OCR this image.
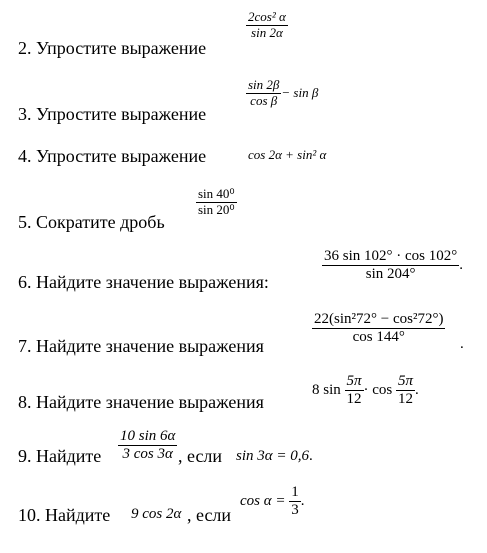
2. Упростите выражение
$\frac{\text{2cos² α}}{\sin 2\alpha}$
3. Упростите выражение
$\frac{\sin 2\beta}{\text{cos β}} - \sin \beta$
4. Упростите выражение	cos 2α + sin² α
5. Сократите дробь
$\frac{\text{sin 40⁰}}{\text{sin 20⁰}}$
6. Найдите значение выражения:	$\frac{36 \sin 102^\circ \cdot \cos 102^\circ}{\sin 204^\circ}$ .
7. Найдите значение выражения	$\frac{\text{22(sin²72° − cos²72°)}}{\cos 144^\circ}$ .
8. Найдите значение выражения
8 $\sin \frac{5\pi}{12} \cdot \cos \frac{5\pi}{12}$ .
9. Найдите $\frac{10 \sin 6\alpha}{3 \cos 3\alpha}$ , если sin 3α = 0,6.
10. Найдите 9 cos 2α , если
$\cos \alpha = \frac{1}{3}$ .
